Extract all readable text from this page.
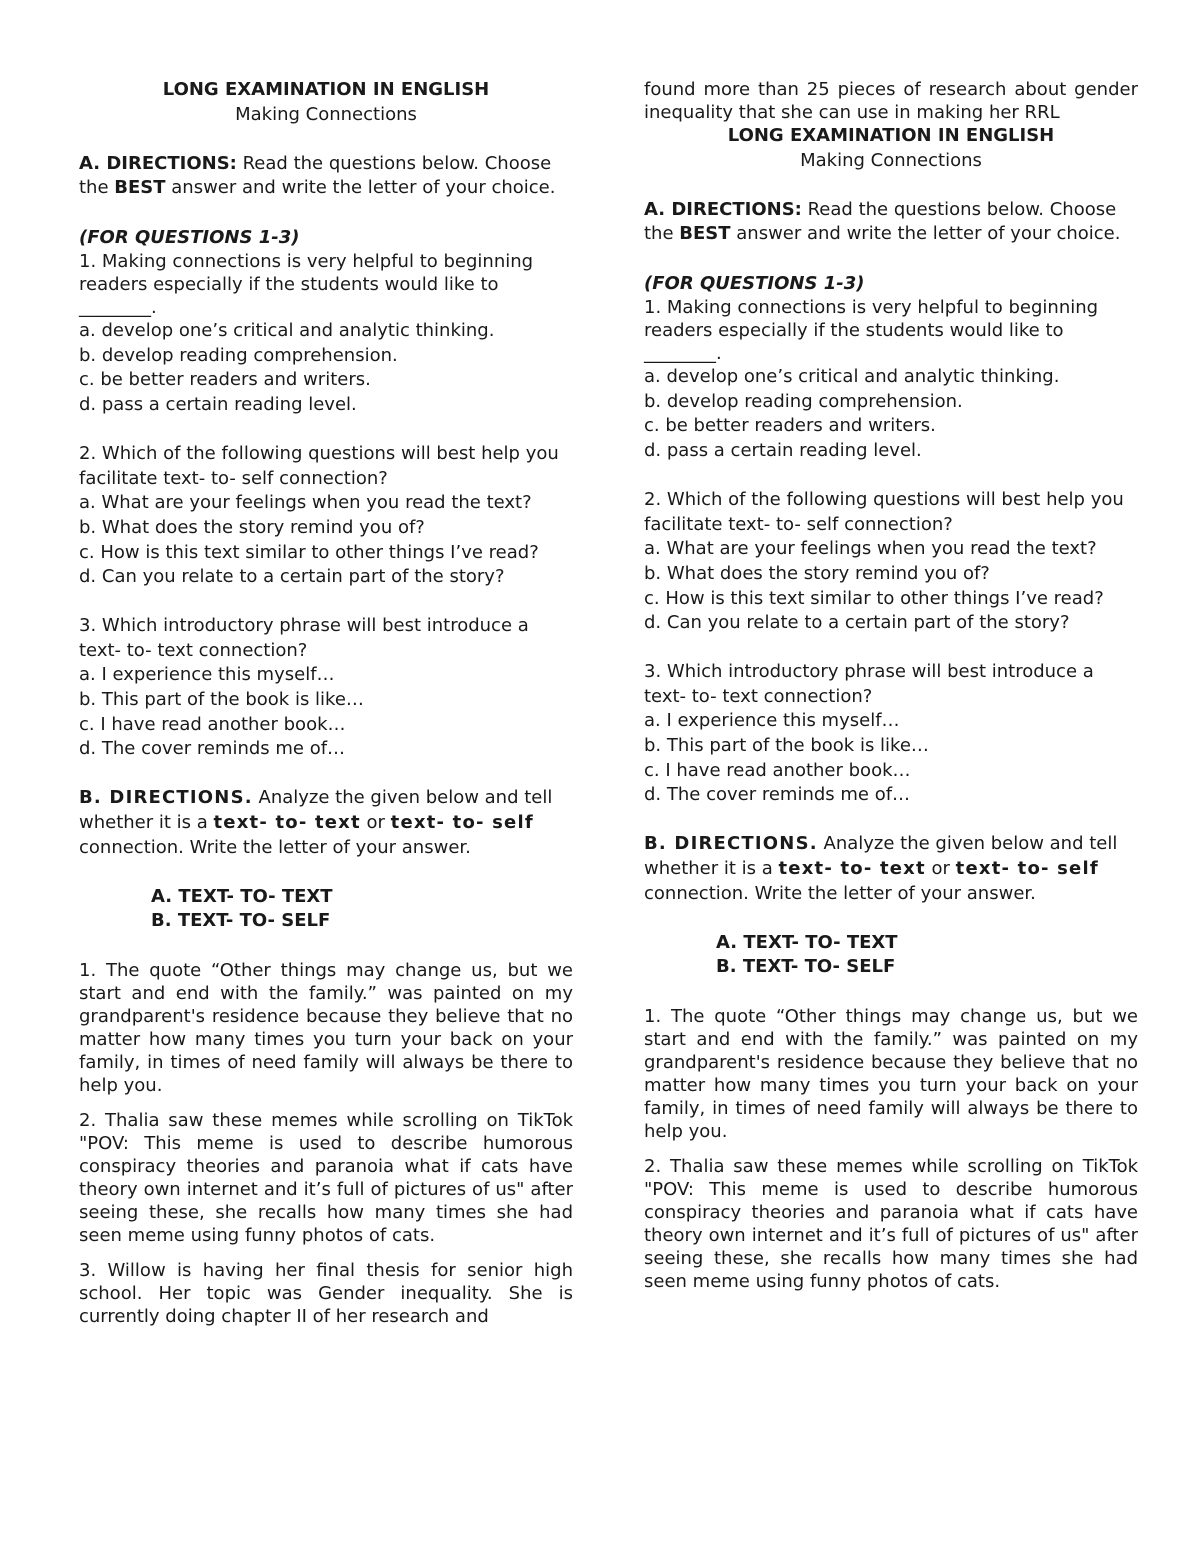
LONG EXAMINATION IN ENGLISH
Making Connections
A. DIRECTIONS: Read the questions below. Choose the BEST answer and write the letter of your choice.
(FOR QUESTIONS 1-3)
1. Making connections is very helpful to beginning readers especially if the students would like to ________.
a. develop one’s critical and analytic thinking.
b. develop reading comprehension.
c. be better readers and writers.
d. pass a certain reading level.
2. Which of the following questions will best help you facilitate text- to- self connection?
a. What are your feelings when you read the text?
b. What does the story remind you of?
c. How is this text similar to other things I’ve read?
d. Can you relate to a certain part of the story?
3. Which introductory phrase will best introduce a text- to- text connection?
a. I experience this myself…
b. This part of the book is like…
c. I have read another book…
d. The cover reminds me of…
B. DIRECTIONS. Analyze the given below and tell whether it is a text- to- text or text- to- self connection. Write the letter of your answer.
A. TEXT- TO- TEXT
B. TEXT- TO- SELF
1. The quote “Other things may change us, but we start and end with the family.” was painted on my grandparent's residence because they believe that no matter how many times you turn your back on your family, in times of need family will always be there to help you.
2. Thalia saw these memes while scrolling on TikTok "POV: This meme is used to describe humorous conspiracy theories and paranoia what if cats have theory own internet and it’s full of pictures of us" after seeing these, she recalls how many times she had seen meme using funny photos of cats.
3. Willow is having her final thesis for senior high school. Her topic was Gender inequality. She is currently doing chapter II of her research and
found more than 25 pieces of research about gender inequality that she can use in making her RRL
LONG EXAMINATION IN ENGLISH
Making Connections
A. DIRECTIONS: Read the questions below. Choose the BEST answer and write the letter of your choice.
(FOR QUESTIONS 1-3)
1. Making connections is very helpful to beginning readers especially if the students would like to ________.
a. develop one’s critical and analytic thinking.
b. develop reading comprehension.
c. be better readers and writers.
d. pass a certain reading level.
2. Which of the following questions will best help you facilitate text- to- self connection?
a. What are your feelings when you read the text?
b. What does the story remind you of?
c. How is this text similar to other things I’ve read?
d. Can you relate to a certain part of the story?
3. Which introductory phrase will best introduce a text- to- text connection?
a. I experience this myself…
b. This part of the book is like…
c. I have read another book…
d. The cover reminds me of…
B. DIRECTIONS. Analyze the given below and tell whether it is a text- to- text or text- to- self connection. Write the letter of your answer.
A. TEXT- TO- TEXT
B. TEXT- TO- SELF
1. The quote “Other things may change us, but we start and end with the family.” was painted on my grandparent's residence because they believe that no matter how many times you turn your back on your family, in times of need family will always be there to help you.
2. Thalia saw these memes while scrolling on TikTok "POV: This meme is used to describe humorous conspiracy theories and paranoia what if cats have theory own internet and it’s full of pictures of us" after seeing these, she recalls how many times she had seen meme using funny photos of cats.
